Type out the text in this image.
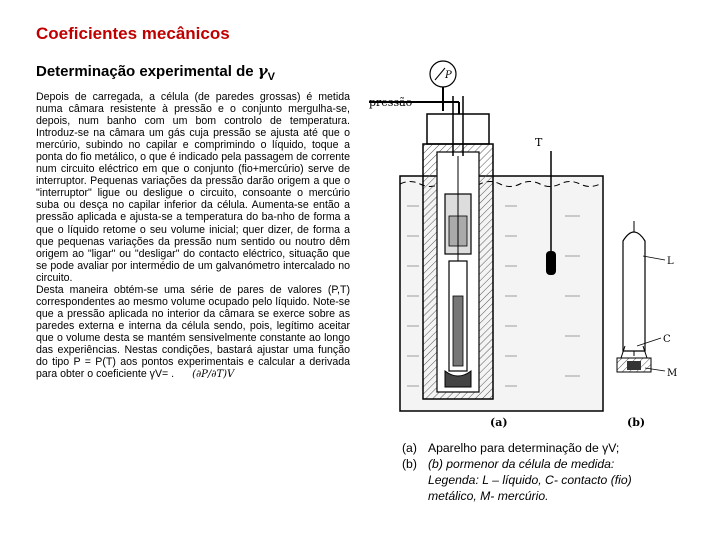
Coeficientes mecânicos
Determinação experimental de $\gamma_V$

Depois de carregada, a célula (de paredes grossas) é metida numa câmara resistente à pressão e o conjunto mergulha-se, depois, num banho com um bom controlo de temperatura. Introduz-se na câmara um gás cuja pressão se ajusta até que o mercúrio, subindo no capilar e comprimindo o líquido, toque a ponta do fio metálico, o que é indicado pela passagem de corrente num circuito eléctrico em que o conjunto (fio+mercúrio) serve de interruptor. Pequenas variações da pressão darão origem a que o "interruptor" ligue ou desligue o circuito, consoante o mercúrio suba ou desça no capilar inferior da célula. Aumenta-se então a pressão aplicada e ajusta-se a temperatura do ba-nho de forma a que o líquido retome o seu volume inicial; quer dizer, de forma a que pequenas variações da pressão num sentido ou noutro dêm origem ao "ligar" ou "desligar" do contacto eléctrico, situação que se pode avaliar por intermédio de um galvanómetro intercalado no circuito.

Desta maneira obtém-se uma série de pares de valores (P,T) correspondentes ao mesmo volume ocupado pelo líquido. Note-se que a pressão aplicada no interior da câmara se exerce sobre as paredes externa e interna da célula sendo, pois, legítimo aceitar que o volume desta se mantém sensivelmente constante ao longo das experiências. Nestas condições, bastará ajustar uma função do tipo P = P(T) aos pontos experimentais e calcular a derivada para obter o coeficiente γV= . (∂P/∂T)V

P
pressão
T
(a)
L
C
M
(b)
(a) Aparelho para determinação de γV;
(b) (b) pormenor da célula de medida:
Legenda: L – líquido, C- contacto (fio)
metálico, M- mercúrio.
